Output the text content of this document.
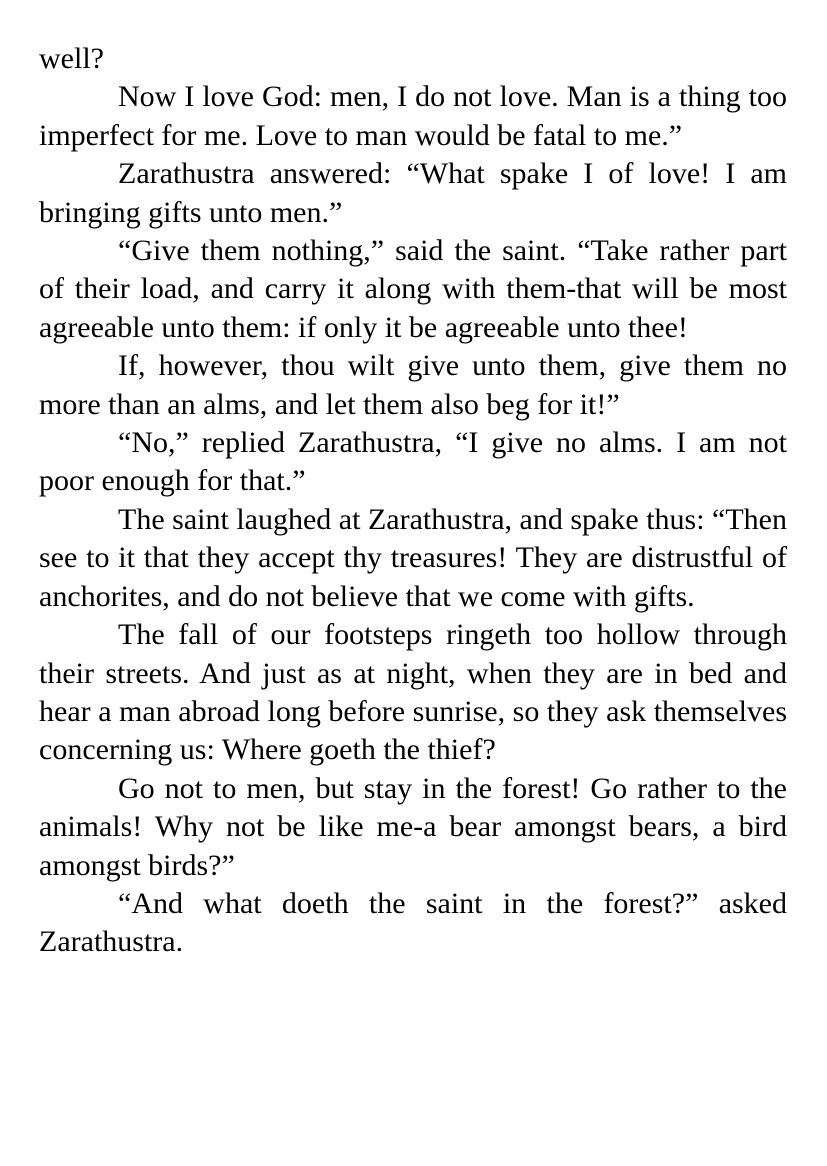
well?

Now I love God: men, I do not love. Man is a thing too imperfect for me. Love to man would be fatal to me.”

Zarathustra answered: “What spake I of love! I am bringing gifts unto men.”

“Give them nothing,” said the saint. “Take rather part of their load, and carry it along with them-that will be most agreeable unto them: if only it be agreeable unto thee!

If, however, thou wilt give unto them, give them no more than an alms, and let them also beg for it!”

“No,” replied Zarathustra, “I give no alms. I am not poor enough for that.”

The saint laughed at Zarathustra, and spake thus: “Then see to it that they accept thy treasures! They are distrustful of anchorites, and do not believe that we come with gifts.

The fall of our footsteps ringeth too hollow through their streets. And just as at night, when they are in bed and hear a man abroad long before sunrise, so they ask themselves concerning us: Where goeth the thief?

Go not to men, but stay in the forest! Go rather to the animals! Why not be like me-a bear amongst bears, a bird amongst birds?”

“And what doeth the saint in the forest?” asked Zarathustra.
